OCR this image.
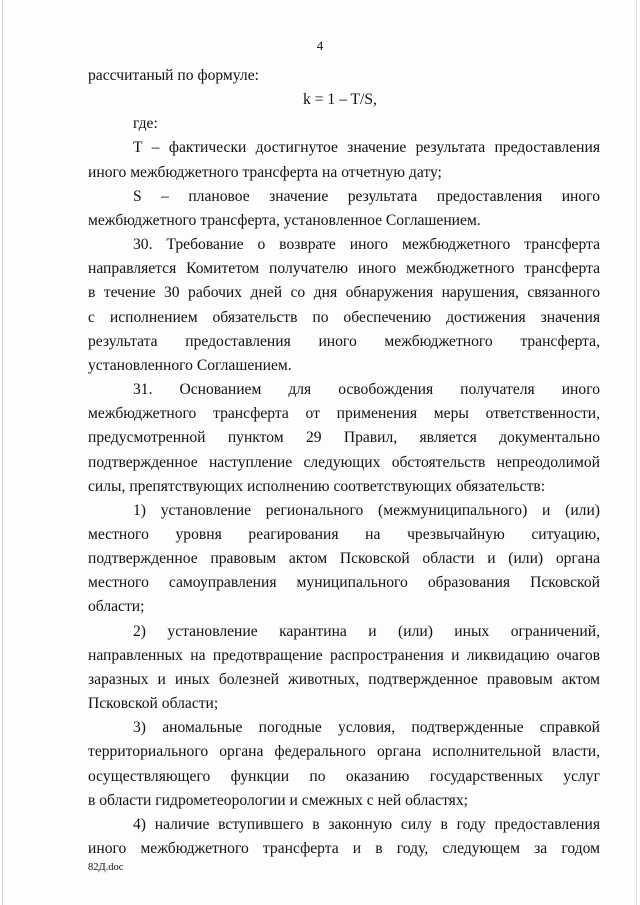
4
рассчитаный по формуле:
k = 1 – T/S,
где:
Т – фактически достигнутое значение результата предоставления
иного межбюджетного трансферта на отчетную дату;
S – плановое значение результата предоставления иного
межбюджетного трансферта, установленное Соглашением.
30. Требование о возврате иного межбюджетного трансферта
направляется Комитетом получателю иного межбюджетного трансферта
в течение 30 рабочих дней со дня обнаружения нарушения, связанного
с исполнением обязательств по обеспечению достижения значения
результата предоставления иного межбюджетного трансферта,
установленного Соглашением.
31. Основанием для освобождения получателя иного
межбюджетного трансферта от применения меры ответственности,
предусмотренной пунктом 29 Правил, является документально
подтвержденное наступление следующих обстоятельств непреодолимой
силы, препятствующих исполнению соответствующих обязательств:
1) установление регионального (межмуниципального) и (или)
местного уровня реагирования на чрезвычайную ситуацию,
подтвержденное правовым актом Псковской области и (или) органа
местного самоуправления муниципального образования Псковской
области;
2) установление карантина и (или) иных ограничений,
направленных на предотвращение распространения и ликвидацию очагов
заразных и иных болезней животных, подтвержденное правовым актом
Псковской области;
3) аномальные погодные условия, подтвержденные справкой
территориального органа федерального органа исполнительной власти,
осуществляющего функции по оказанию государственных услуг
в области гидрометеорологии и смежных с ней областях;
4) наличие вступившего в законную силу в году предоставления
иного межбюджетного трансферта и в году, следующем за годом
82Д.doc
